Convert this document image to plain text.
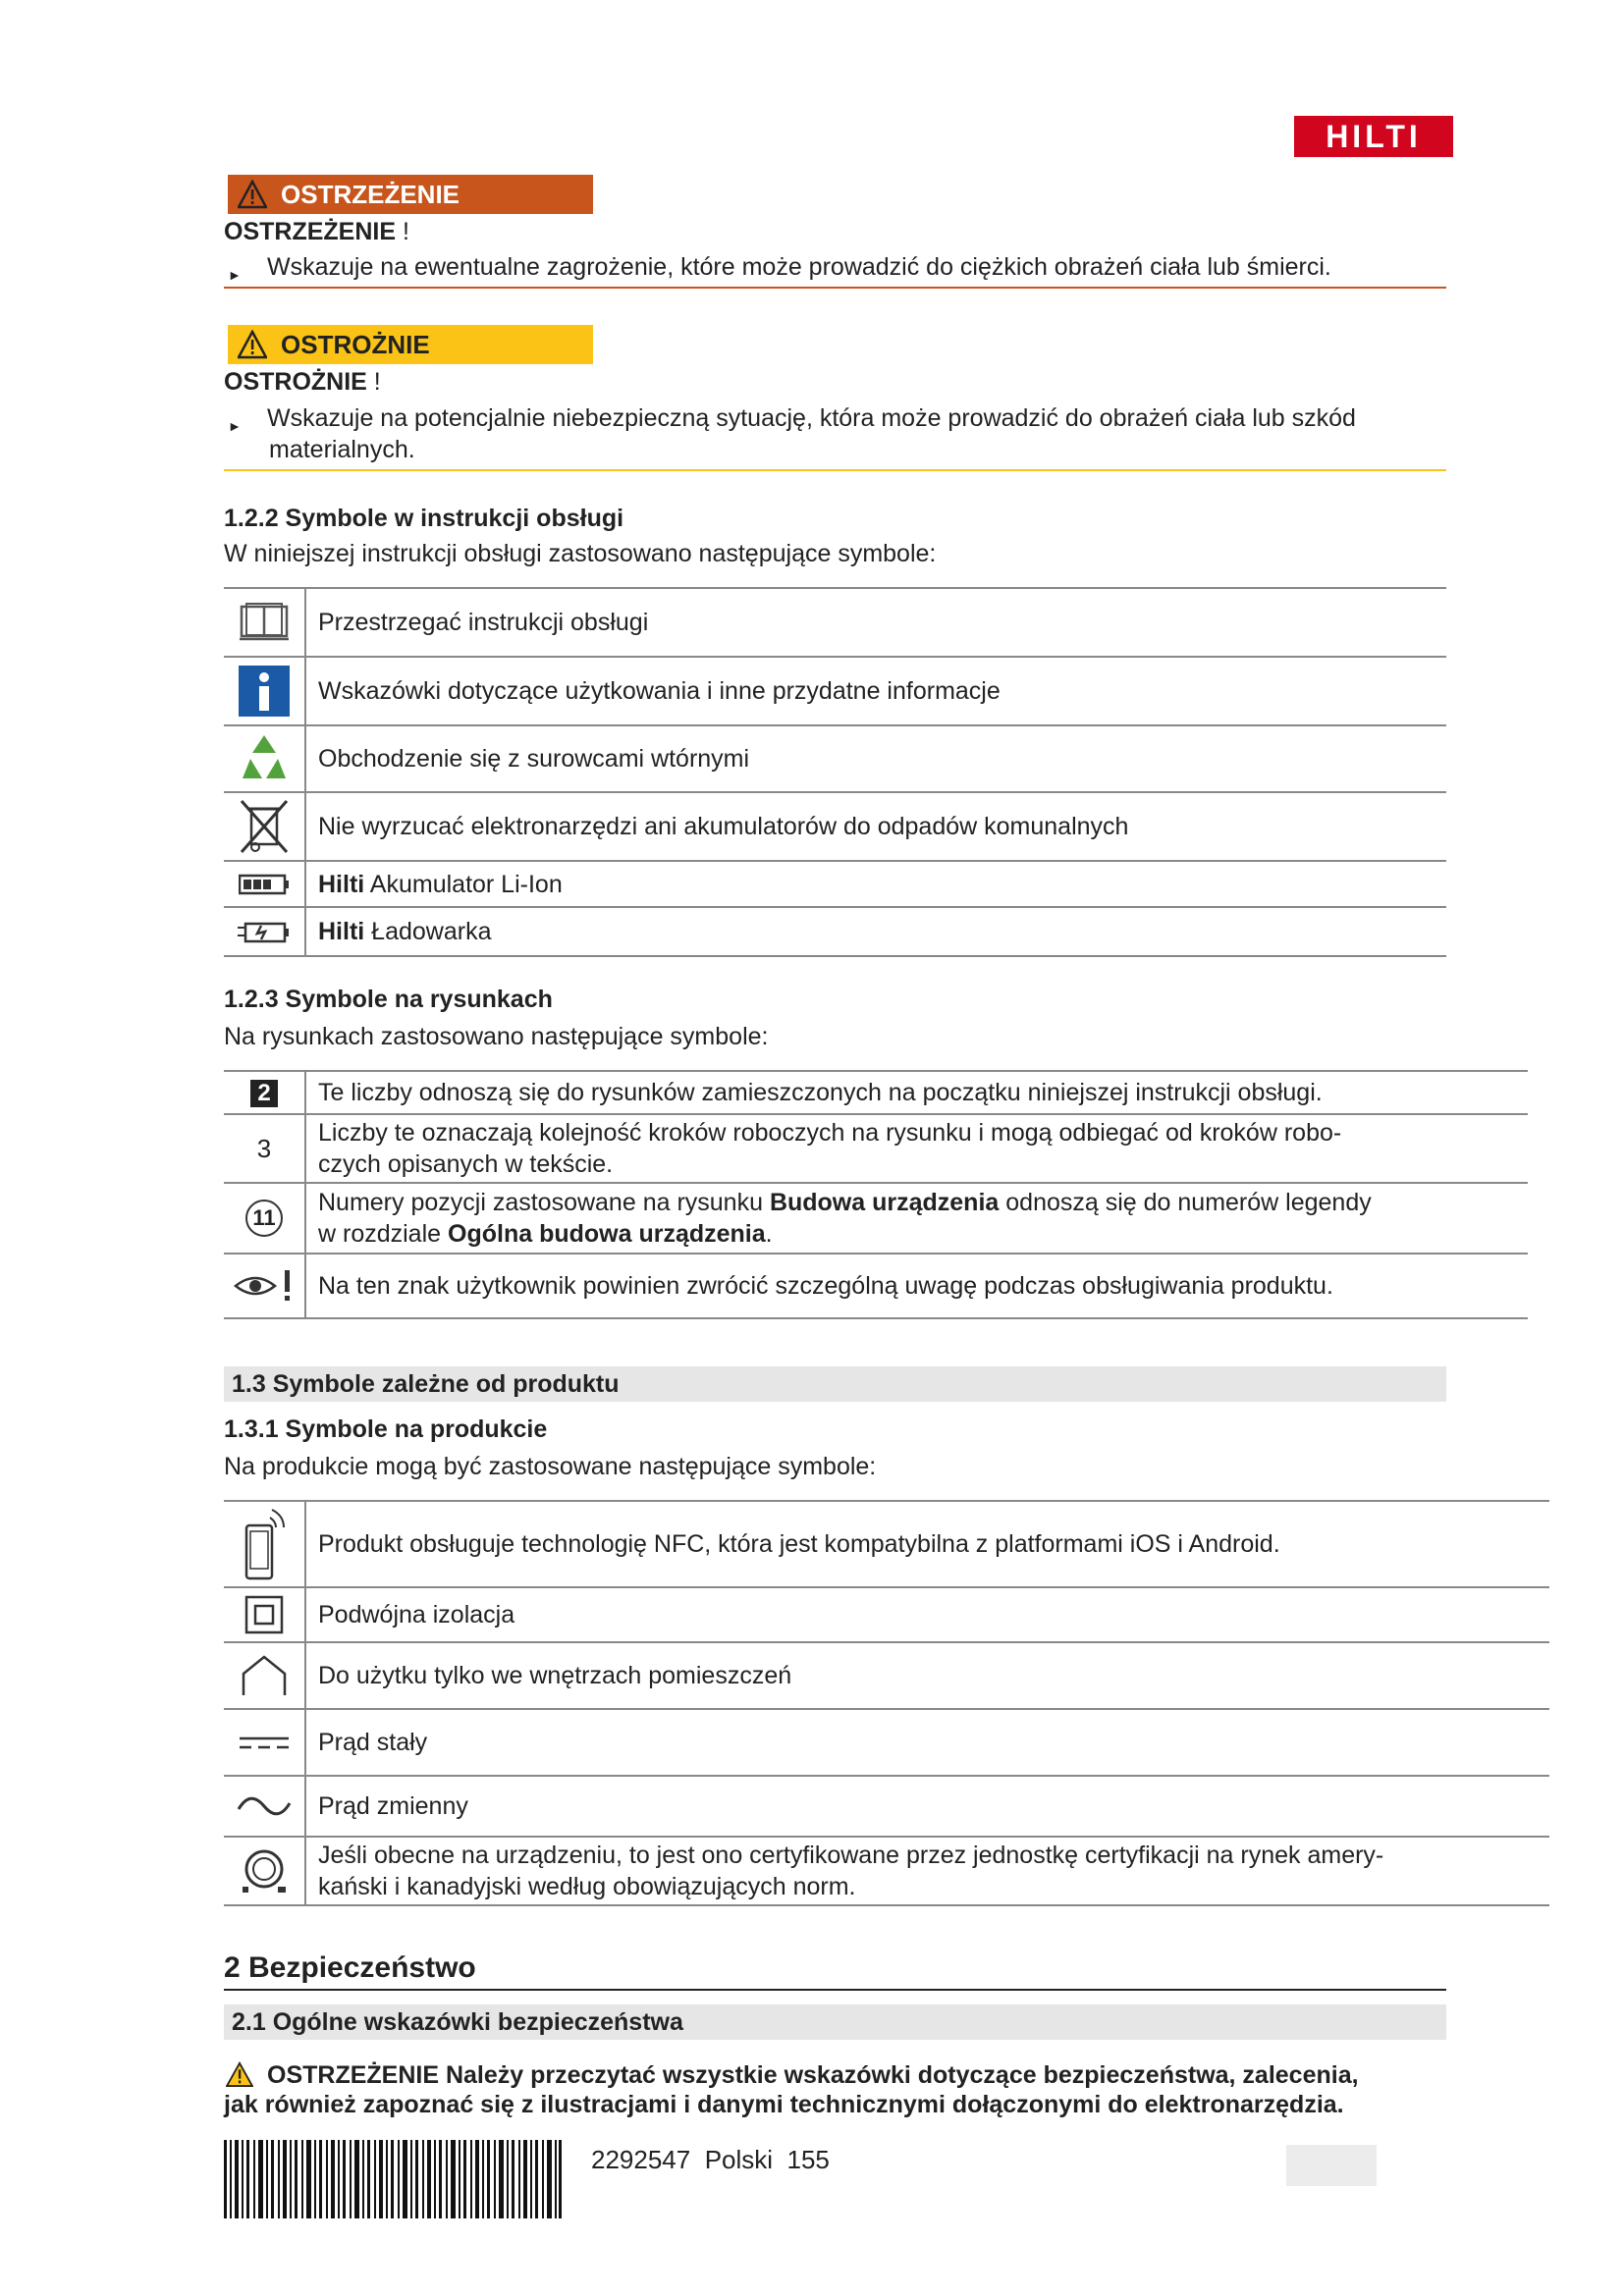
HILTI
OSTRZEŻENIE
OSTRZEŻENIE !
► Wskazuje na ewentualne zagrożenie, które może prowadzić do ciężkich obrażeń ciała lub śmierci.
OSTROŻNIE
OSTROŻNIE !
► Wskazuje na potencjalnie niebezpieczną sytuację, która może prowadzić do obrażeń ciała lub szkód
materialnych.
1.2.2 Symbole w instrukcji obsługi
W niniejszej instrukcji obsługi zastosowano następujące symbole:
	Przestrzegać instrukcji obsługi

	Wskazówki dotyczące użytkowania i inne przydatne informacje

	Obchodzenie się z surowcami wtórnymi

	Nie wyrzucać elektronarzędzi ani akumulatorów do odpadów komunalnych

	Hilti Akumulator Li-Ion

	Hilti Ładowarka
1.2.3 Symbole na rysunkach
Na rysunkach zastosowano następujące symbole:
2	Te liczby odnoszą się do rysunków zamieszczonych na początku niniejszej instrukcji obsługi.
3	Liczby te oznaczają kolejność kroków roboczych na rysunku i mogą odbiegać od kroków robo-
czych opisanych w tekście.

11	Numery pozycji zastosowane na rysunku Budowa urządzenia odnoszą się do numerów legendy
w rozdziale Ogólna budowa urządzenia.

	Na ten znak użytkownik powinien zwrócić szczególną uwagę podczas obsługiwania produktu.
1.3 Symbole zależne od produktu
1.3.1 Symbole na produkcie
Na produkcie mogą być zastosowane następujące symbole:
	Produkt obsługuje technologię NFC, która jest kompatybilna z platformami iOS i Android.

	Podwójna izolacja

	Do użytku tylko we wnętrzach pomieszczeń

	Prąd stały

	Prąd zmienny

Jeśli obecne na urządzeniu, to jest ono certyfikowane przez jednostkę certyfikacji na rynek amery-
kański i kanadyjski według obowiązujących norm.
2 Bezpieczeństwo
2.1 Ogólne wskazówki bezpieczeństwa
OSTRZEŻENIE Należy przeczytać wszystkie wskazówki dotyczące bezpieczeństwa, zalecenia,
jak również zapoznać się z ilustracjami i danymi technicznymi dołączonymi do elektronarzędzia.
2292547 Polski 155
